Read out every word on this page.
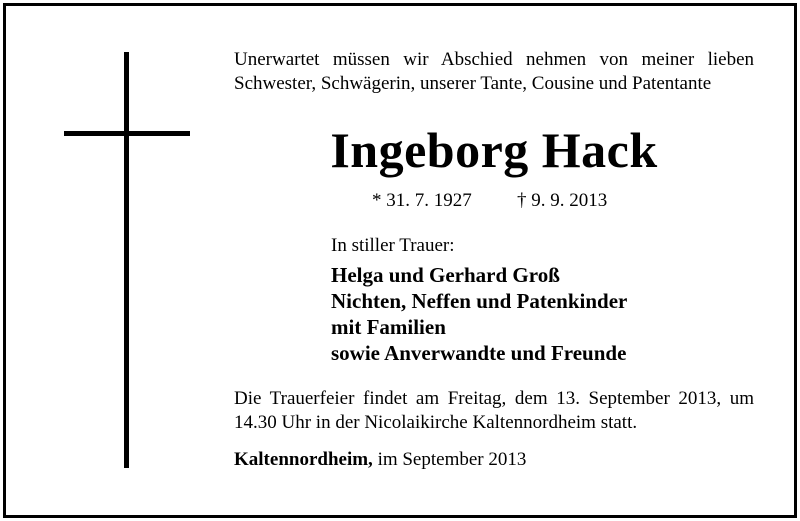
Unerwartet müssen wir Abschied nehmen von meiner lieben
Schwester, Schwägerin, unserer Tante, Cousine und Patentante
Ingeborg Hack
* 31. 7. 1927 † 9. 9. 2013
In stiller Trauer:
Helga und Gerhard Groß
Nichten, Neffen und Patenkinder
mit Familien
sowie Anverwandte und Freunde
Die Trauerfeier findet am Freitag, dem 13. September 2013, um
14.30 Uhr in der Nicolaikirche Kaltennordheim statt.
Kaltennordheim, im September 2013
